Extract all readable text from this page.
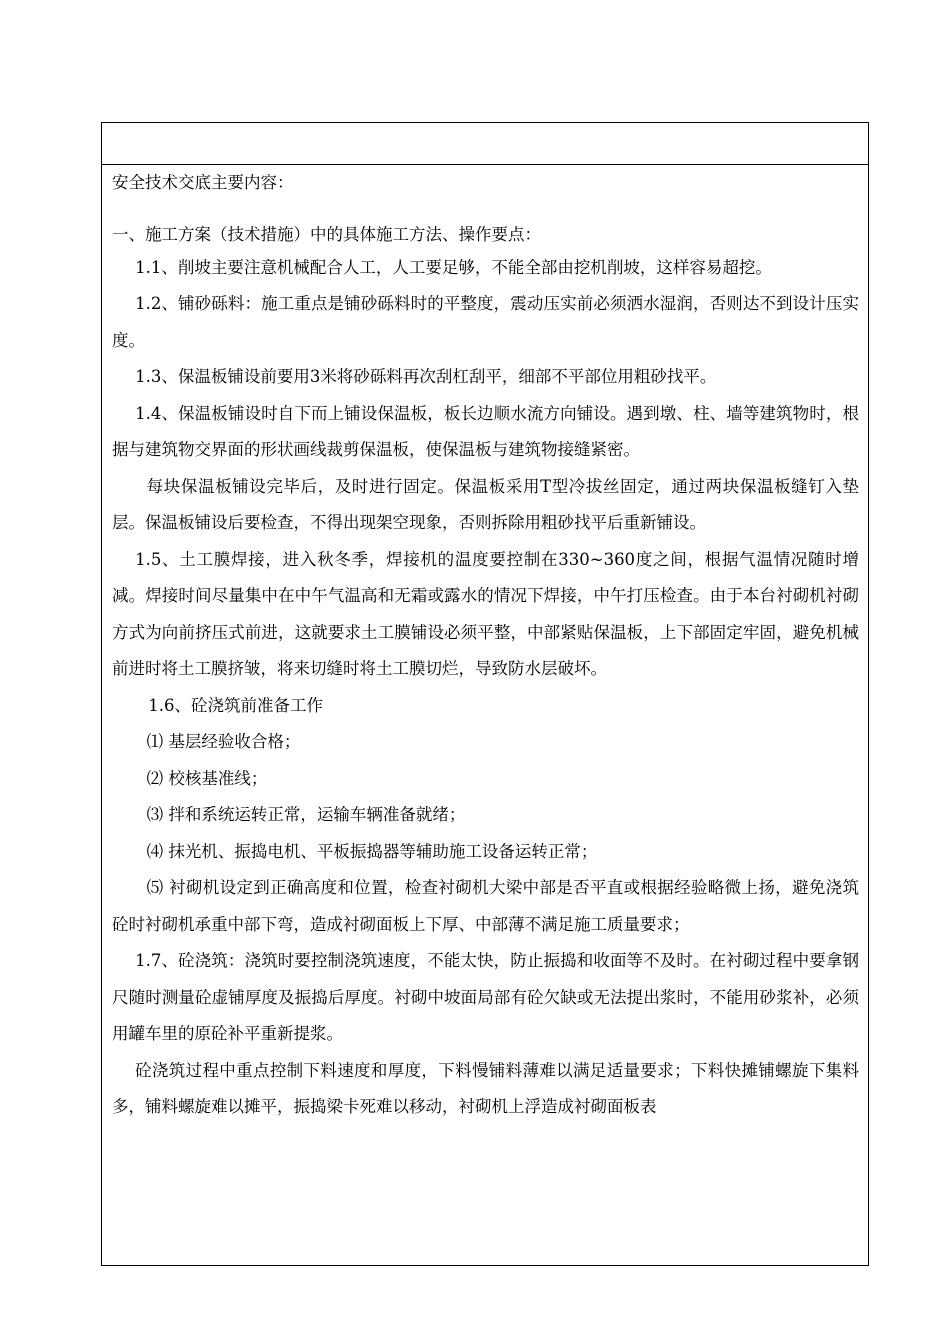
安全技术交底主要内容：

一、施工方案（技术措施）中的具体施工方法、操作要点：

1.1、削坡主要注意机械配合人工，人工要足够，不能全部由挖机削坡，这样容易超挖。

1.2、铺砂砾料：施工重点是铺砂砾料时的平整度，震动压实前必须洒水湿润，否则达不到设计压实度。

1.3、保温板铺设前要用3米将砂砾料再次刮杠刮平，细部不平部位用粗砂找平。

1.4、保温板铺设时自下而上铺设保温板，板长边顺水流方向铺设。遇到墩、柱、墙等建筑物时，根据与建筑物交界面的形状画线裁剪保温板，使保温板与建筑物接缝紧密。

每块保温板铺设完毕后，及时进行固定。保温板采用T型冷拔丝固定，通过两块保温板缝钉入垫层。保温板铺设后要检查，不得出现架空现象，否则拆除用粗砂找平后重新铺设。

1.5、土工膜焊接，进入秋冬季，焊接机的温度要控制在330~360度之间，根据气温情况随时增减。焊接时间尽量集中在中午气温高和无霜或露水的情况下焊接，中午打压检查。由于本台衬砌机衬砌方式为向前挤压式前进，这就要求土工膜铺设必须平整，中部紧贴保温板，上下部固定牢固，避免机械前进时将土工膜挤皱，将来切缝时将土工膜切烂，导致防水层破坏。

1.6、砼浇筑前准备工作

⑴ 基层经验收合格；

⑵ 校核基准线；

⑶ 拌和系统运转正常，运输车辆准备就绪；

⑷ 抹光机、振捣电机、平板振捣器等辅助施工设备运转正常；

⑸ 衬砌机设定到正确高度和位置，检查衬砌机大梁中部是否平直或根据经验略微上扬，避免浇筑砼时衬砌机承重中部下弯，造成衬砌面板上下厚、中部薄不满足施工质量要求；

1.7、砼浇筑：浇筑时要控制浇筑速度，不能太快，防止振捣和收面等不及时。在衬砌过程中要拿钢尺随时测量砼虚铺厚度及振捣后厚度。衬砌中坡面局部有砼欠缺或无法提出浆时，不能用砂浆补，必须用罐车里的原砼补平重新提浆。

砼浇筑过程中重点控制下料速度和厚度，下料慢铺料薄难以满足适量要求；下料快摊铺螺旋下集料多，铺料螺旋难以摊平，振捣梁卡死难以移动，衬砌机上浮造成衬砌面板表
